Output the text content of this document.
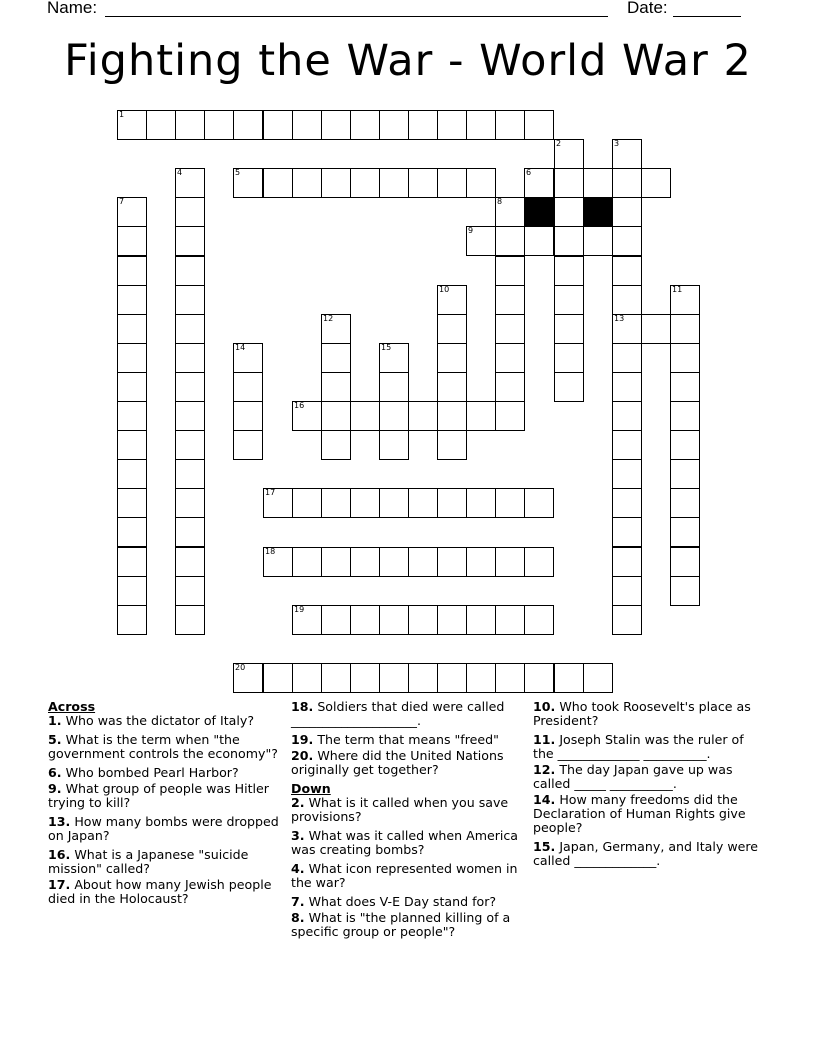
Name:	Date:
Fighting the War - World War 2
1
2	3
13
4	5	6
7	8
9
10	11
12
14	15
16
17
18
19
20
Across
1. Who was the dictator of Italy?
5. What is the term when "the government controls the economy"?
6. Who bombed Pearl Harbor?
9. What group of people was Hitler trying to kill?
13. How many bombs were dropped on Japan?
16. What is a Japanese "suicide mission" called?
17. About how many Jewish people died in the Holocaust?
18. Soldiers that died were called ____________________.
19. The term that means "freed"
20. Where did the United Nations originally get together?
Down
2. What is it called when you save provisions?
3. What was it called when America was creating bombs?
4. What icon represented women in the war?
7. What does V-E Day stand for?
8. What is "the planned killing of a specific group or people"?
10. Who took Roosevelt's place as President?
11. Joseph Stalin was the ruler of the _____________ __________.
12. The day Japan gave up was called _____ __________.
14. How many freedoms did the Declaration of Human Rights give people?
15. Japan, Germany, and Italy were called _____________.
